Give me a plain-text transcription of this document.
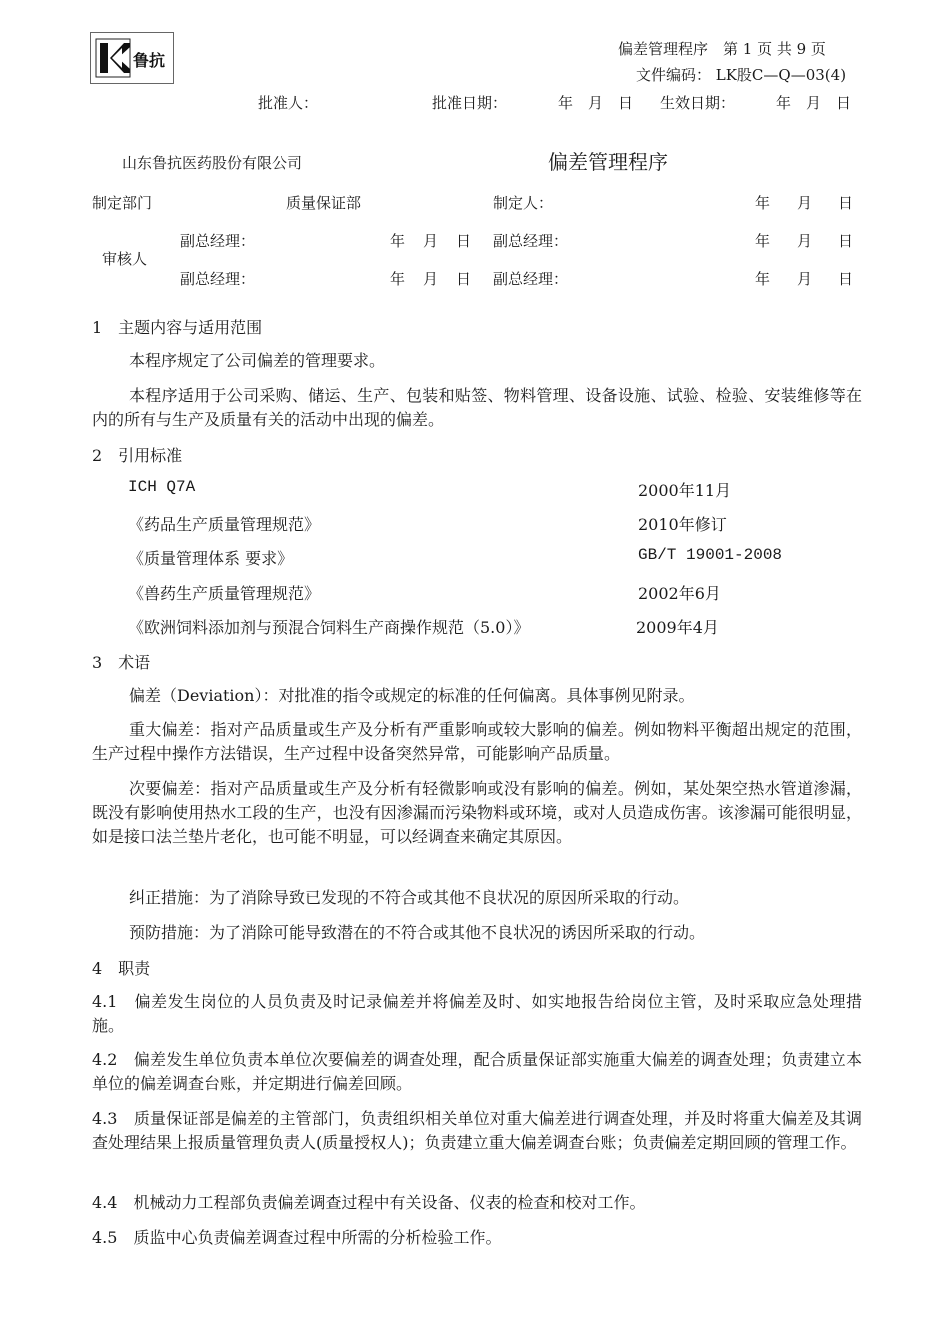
鲁抗
偏差管理程序　第 1 页 共 9 页
文件编码： LK股C—Q—03(4)
批准人：	批准日期：	年　月　日 生效日期：	年　月　日
山东鲁抗医药股份有限公司	偏差管理程序
制定部门	质量保证部	制定人：	年 月 日
审核人
副总经理：	年 月 日 副总经理：	年 月 日
副总经理：	年 月 日 副总经理：	年 月 日
1　主题内容与适用范围
本程序规定了公司偏差的管理要求。
本程序适用于公司采购、储运、生产、包装和贴签、物料管理、设备设施、试验、检验、安装维修等在内的所有与生产及质量有关的活动中出现的偏差。
2　引用标准
ICH Q7A	2000年11月
《药品生产质量管理规范》	2010年修订
《质量管理体系 要求》	GB/T 19001-2008
《兽药生产质量管理规范》	2002年6月
《欧洲饲料添加剂与预混合饲料生产商操作规范（5.0）》	2009年4月
3　术语
偏差（Deviation）：对批准的指令或规定的标准的任何偏离。具体事例见附录。
重大偏差：指对产品质量或生产及分析有严重影响或较大影响的偏差。例如物料平衡超出规定的范围，生产过程中操作方法错误，生产过程中设备突然异常，可能影响产品质量。
次要偏差：指对产品质量或生产及分析有轻微影响或没有影响的偏差。例如，某处架空热水管道渗漏，既没有影响使用热水工段的生产，也没有因渗漏而污染物料或环境，或对人员造成伤害。该渗漏可能很明显，如是接口法兰垫片老化，也可能不明显，可以经调查来确定其原因。
纠正措施：为了消除导致已发现的不符合或其他不良状况的原因所采取的行动。
预防措施：为了消除可能导致潜在的不符合或其他不良状况的诱因所采取的行动。
4　职责
4.1　偏差发生岗位的人员负责及时记录偏差并将偏差及时、如实地报告给岗位主管，及时采取应急处理措施。
4.2　偏差发生单位负责本单位次要偏差的调查处理，配合质量保证部实施重大偏差的调查处理；负责建立本单位的偏差调查台账，并定期进行偏差回顾。
4.3　质量保证部是偏差的主管部门，负责组织相关单位对重大偏差进行调查处理，并及时将重大偏差及其调查处理结果上报质量管理负责人(质量授权人)；负责建立重大偏差调查台账；负责偏差定期回顾的管理工作。
4.4　机械动力工程部负责偏差调查过程中有关设备、仪表的检查和校对工作。
4.5　质监中心负责偏差调查过程中所需的分析检验工作。
